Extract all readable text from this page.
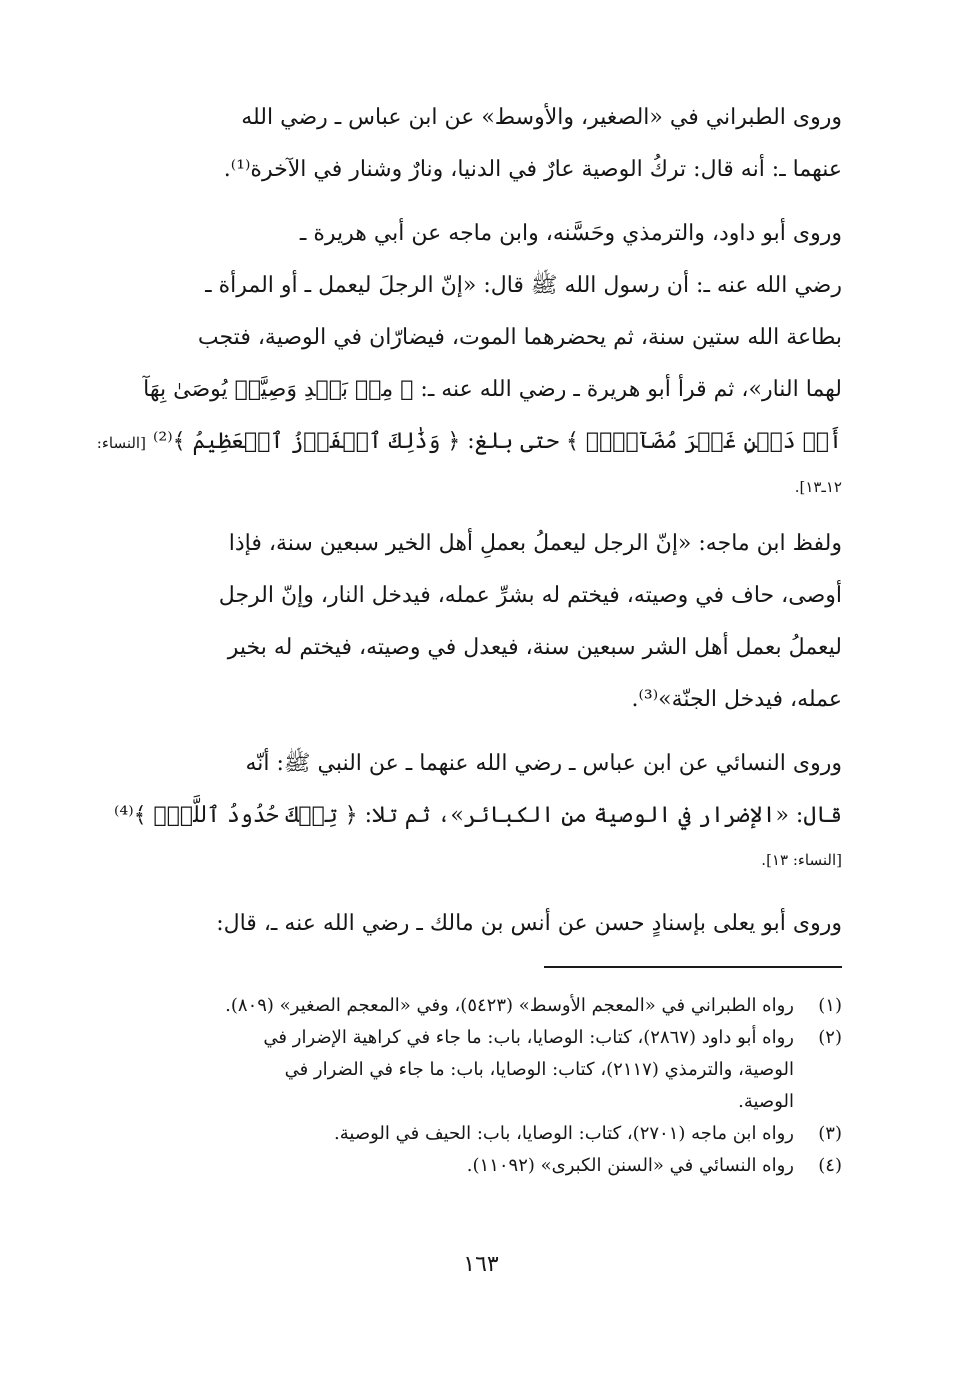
وروى الطبراني في «الصغير، والأوسط» عن ابن عباس ـ رضي الله
عنهما ـ: أنه قال: تركُ الوصية عارٌ في الدنيا، ونارٌ وشنار في الآخرة⁽¹⁾.
وروى أبو داود، والترمذي وحَسَّنه، وابن ماجه عن أبي هريرة ـ
رضي الله عنه ـ: أن رسول الله ﷺ قال: «إنّ الرجلَ ليعمل ـ أو المرأة ـ
بطاعة الله ستين سنة، ثم يحضرهما الموت، فيضارّان في الوصية، فتجب
لهما النار»، ثم قرأ أبو هريرة ـ رضي الله عنه ـ: ﴿ مِنۢ بَعۡدِ وَصِيَّةٖ يُوصَىٰ بِهَآ
أَوۡ دَيۡنٍ غَيۡرَ مُضَآرّٖۚ ﴾ حتى بلغ: ﴿ وَذَٰلِكَ ٱلۡفَوۡزُ ٱلۡعَظِيمُ ﴾⁽²⁾ [النساء:
١٢ـ١٣].
ولفظ ابن ماجه: «إنّ الرجل ليعملُ بعملِ أهل الخير سبعين سنة، فإذا
أوصى، حاف في وصيته، فيختم له بشرِّ عمله، فيدخل النار، وإنّ الرجل
ليعملُ بعمل أهل الشر سبعين سنة، فيعدل في وصيته، فيختم له بخير
عمله، فيدخل الجنّة»⁽³⁾.
وروى النسائي عن ابن عباس ـ رضي الله عنهما ـ عن النبي ﷺ: أنّه
قال: «الإضرار في الوصية من الكبائر»، ثم تلا: ﴿ تِلۡكَ حُدُودُ ٱللَّهِۚ ﴾⁽⁴⁾
[النساء: ١٣].
وروى أبو يعلى بإسنادٍ حسن عن أنس بن مالك ـ رضي الله عنه ـ، قال:
(١)
رواه الطبراني في «المعجم الأوسط» (٥٤٢٣)، وفي «المعجم الصغير» (٨٠٩).
(٢)
رواه أبو داود (٢٨٦٧)، كتاب: الوصايا، باب: ما جاء في كراهية الإضرار في
الوصية، والترمذي (٢١١٧)، كتاب: الوصايا، باب: ما جاء في الضرار في
الوصية.
(٣)
رواه ابن ماجه (٢٧٠١)، كتاب: الوصايا، باب: الحيف في الوصية.
(٤)
رواه النسائي في «السنن الكبرى» (١١٠٩٢).
١٦٣
